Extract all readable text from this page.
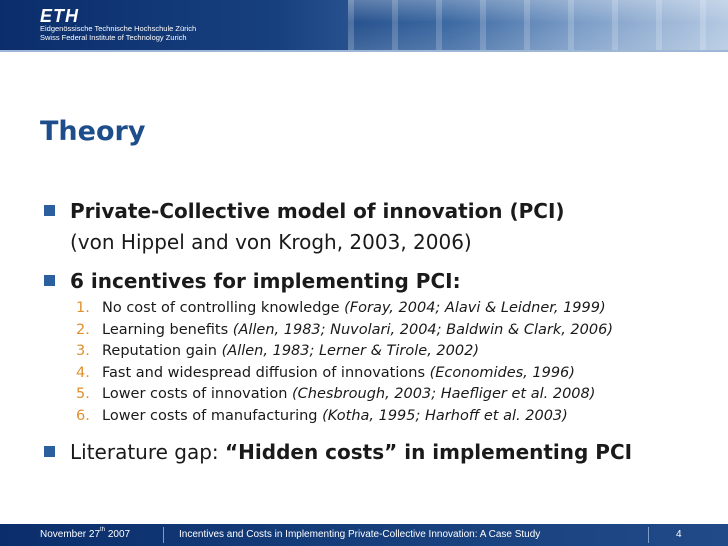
ETH
Eidgenössische Technische Hochschule Zürich
Swiss Federal Institute of Technology Zurich
Theory
Private-Collective model of innovation (PCI)
(von Hippel and von Krogh, 2003, 2006)
6 incentives for implementing PCI:
1. No cost of controlling knowledge (Foray, 2004; Alavi & Leidner, 1999)
2. Learning benefits (Allen, 1983; Nuvolari, 2004; Baldwin & Clark, 2006)
3. Reputation gain (Allen, 1983; Lerner & Tirole, 2002)
4. Fast and widespread diffusion of innovations (Economides, 1996)
5. Lower costs of innovation (Chesbrough, 2003; Haefliger et al. 2008)
6. Lower costs of manufacturing (Kotha, 1995; Harhoff et al. 2003)
Literature gap: “Hidden costs” in implementing PCI
November 27th 2007	Incentives and Costs in Implementing Private-Collective Innovation: A Case Study	4
